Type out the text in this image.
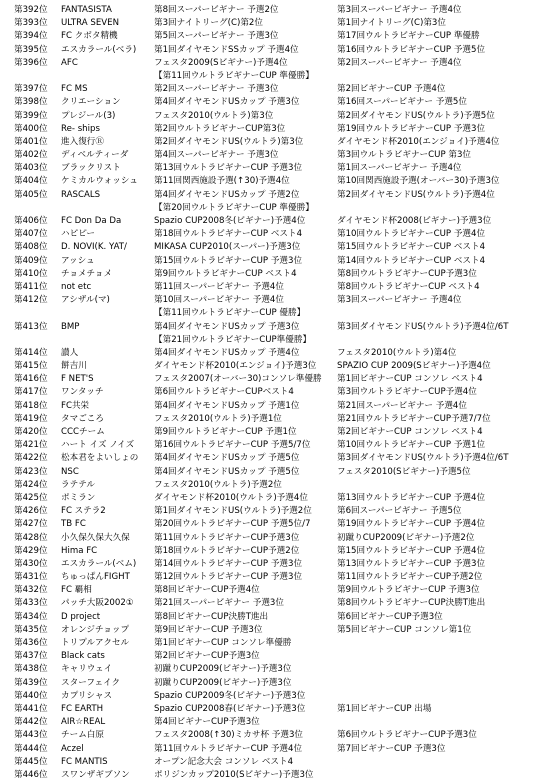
第392位	FANTASISTA	第8回スーパービギナー 予選2位	第3回スーパービギナー 予選4位
第393位	ULTRA SEVEN	第3回ナイトリーグ(C)第2位	第1回ナイトリーグ(C)第3位
第394位	FC クボタ精機	第5回スーパービギナー 予選3位	第17回ウルトラビギナーCUP 準優勝
第395位	エスカラール(べラ)	第1回ダイヤモンドSSカップ 予選4位	第16回ウルトラビギナーCUP 予選5位
第396位	AFC	フェスタ2009(Sビギナー)予選4位	第2回スーパービギナー 予選4位
【第11回ウルトラビギナーCUP 準優勝】
第397位	FC MS	第2回スーパービギナー 予選3位	第2回ビギナーCUP 予選4位
第398位	クリエーション	第4回ダイヤモンドUSカップ 予選3位	第16回スーパービギナー 予選5位
第399位	プレジール(3)	フェスタ2010(ウルトラ)第3位	第2回ダイヤモンドUS(ウルトラ)予選5位
第400位	Re- ships	第2回ウルトラビギナーCUP第3位	第19回ウルトラビギナーCUP 予選3位
第401位	進入復行Ⓡ	第2回ダイヤモンドUS(ウルトラ)第3位	ダイヤモンド杯2010(エンジョイ)予選4位
第402位	ディベルティーダ	第4回スーパービギナー 予選3位	第3回ウルトラビギナーCUP 第3位
第403位	ブラックリスト	第13回ウルトラビギナーCUP 予選3位	第1回スーパービギナー 予選4位
第404位	ケミカルウォッシュ	第11回関西施設予選(↑30)予選4位	第10回関西施設予選(オーバー30)予選3位
第405位	RASCALS	第4回ダイヤモンドUSカップ 予選2位	第2回ダイヤモンドUS(ウルトラ)予選4位
【第20回ウルトラビギナーCUP 準優勝】
第406位	FC Don Da Da	Spazio CUP2008冬(ビギナー)予選4位	ダイヤモンド杯2008(ビギナー)予選3位
第407位	ハピピー	第18回ウルトラビギナーCUP ベスト4	第10回ウルトラビギナーCUP 予選4位
第408位	D. NOVI(K. YAT/	MIKASA CUP2010(スーパー)予選3位	第15回ウルトラビギナーCUP ベスト4
第409位	アッシュ	第15回ウルトラビギナーCUP 予選3位	第14回ウルトラビギナーCUP ベスト4
第410位	チョメチョメ	第9回ウルトラビギナーCUP ベスト4	第8回ウルトラビギナーCUP予選3位
第411位	not etc	第11回スーパービギナー 予選4位	第8回ウルトラビギナーCUP ベスト4
第412位	アシザル(マ)	第10回スーパービギナー 予選4位	第3回スーパービギナー 予選4位
【第11回ウルトラビギナーCUP 優勝】
第413位	BMP	第4回ダイヤモンドUSカップ 予選3位	第3回ダイヤモンドUS(ウルトラ)予選4位/6T
【第21回ウルトラビギナーCUP準優勝】
第414位	讃人	第4回ダイヤモンドUSカップ 予選4位	フェスタ2010(ウルトラ)第4位
第415位	餅吉川	ダイヤモンド杯2010(エンジョイ)予選3位	SPAZIO CUP 2009(Sビギナー)予選4位
第416位	F NET'S	フェスタ2007(オーバー30)コンソレ準優勝	第1回ビギナーCUP コンソレ ベスト4
第417位	ワンタッチ	第6回ウルトラビギナーCUPベスト4	第3回ウルトラビギナーCUP予選4位
第418位	FC共栄	第4回ダイヤモンドUSカップ 予選1位	第21回スーパービギナー 予選4位
第419位	タマごころ	フェスタ2010(ウルトラ)予選1位	第21回ウルトラビギナーCUP予選7/7位
第420位	CCCチーム	第9回ウルトラビギナーCUP 予選1位	第2回ビギナーCUP コンソレ ベスト4
第421位	ハート イズ ノイズ	第16回ウルトラビギナーCUP 予選5/7位	第10回ウルトラビギナーCUP 予選1位
第422位	松本君をよいしょの	第4回ダイヤモンドUSカップ 予選5位	第3回ダイヤモンドUS(ウルトラ)予選4位/6T
第423位	NSC	第4回ダイヤモンドUSカップ 予選5位	フェスタ2010(Sビギナー)予選5位
第424位	ラテテル	フェスタ2010(ウルトラ)予選2位
第425位	ポミラン	ダイヤモンド杯2010(ウルトラ)予選4位	第13回ウルトラビギナーCUP 予選4位
第426位	FC ステラ2	第1回ダイヤモンドUS(ウルトラ)予選2位	第6回スーパービギナー 予選5位
第427位	TB FC	第20回ウルトラビギナーCUP 予選5位/7	第19回ウルトラビギナーCUP 予選4位
第428位	小久保久保大久保	第11回ウルトラビギナーCUP予選3位	初蹴りCUP2009(ビギナー)予選2位
第429位	Hima FC	第18回ウルトラビギナーCUP予選2位	第15回ウルトラビギナーCUP 予選4位
第430位	エスカラール(ベム)	第14回ウルトラビギナーCUP 予選3位	第13回ウルトラビギナーCUP 予選3位
第431位	ちゅっぱんFIGHT	第12回ウルトラビギナーCUP 予選3位	第11回ウルトラビギナーCUP予選2位
第432位	FC 覇相	第8回ビギナーCUP予選4位	第9回ウルトラビギナーCUP 予選3位
第433位	パッチ大阪2002①	第21回スーパービギナー 予選3位	第8回ウルトラビギナーCUP決勝T進出
第434位	D project	第8回ビギナーCUP決勝T進出	第6回ビギナーCUP予選3位
第435位	オレンジチョップ	第9回ビギナーCUP 予選3位	第5回ビギナーCUP コンソレ第1位
第436位	トリプルアクセル	第1回ビギナーCUP コンソレ準優勝
第437位	Black cats	第2回ビギナーCUP予選3位
第438位	キャリウェイ	初蹴りCUP2009(ビギナー)予選3位
第439位	スターフェイク	初蹴りCUP2009(ビギナー)予選3位
第440位	カプリシャス	Spazio CUP2009冬(ビギナー)予選3位
第441位	FC EARTH	Spazio CUP2008春(ビギナー)予選3位	第1回ビギナーCUP 出場
第442位	AIR☆REAL	第4回ビギナーCUP予選3位
第443位	チーム白原	フェスタ2008(↑30)ミカサ杯 予選3位	第6回ウルトラビギナーCUP予選3位
第444位	Aczel	第11回ウルトラビギナーCUP 予選4位	第7回ビギナーCUP 予選3位
第445位	FC MANTIS	オープン記念大会 コンソレ ベスト4
第446位	スワンザギブソン	ポリジンカップ2010(Sビギナー)予選3位
